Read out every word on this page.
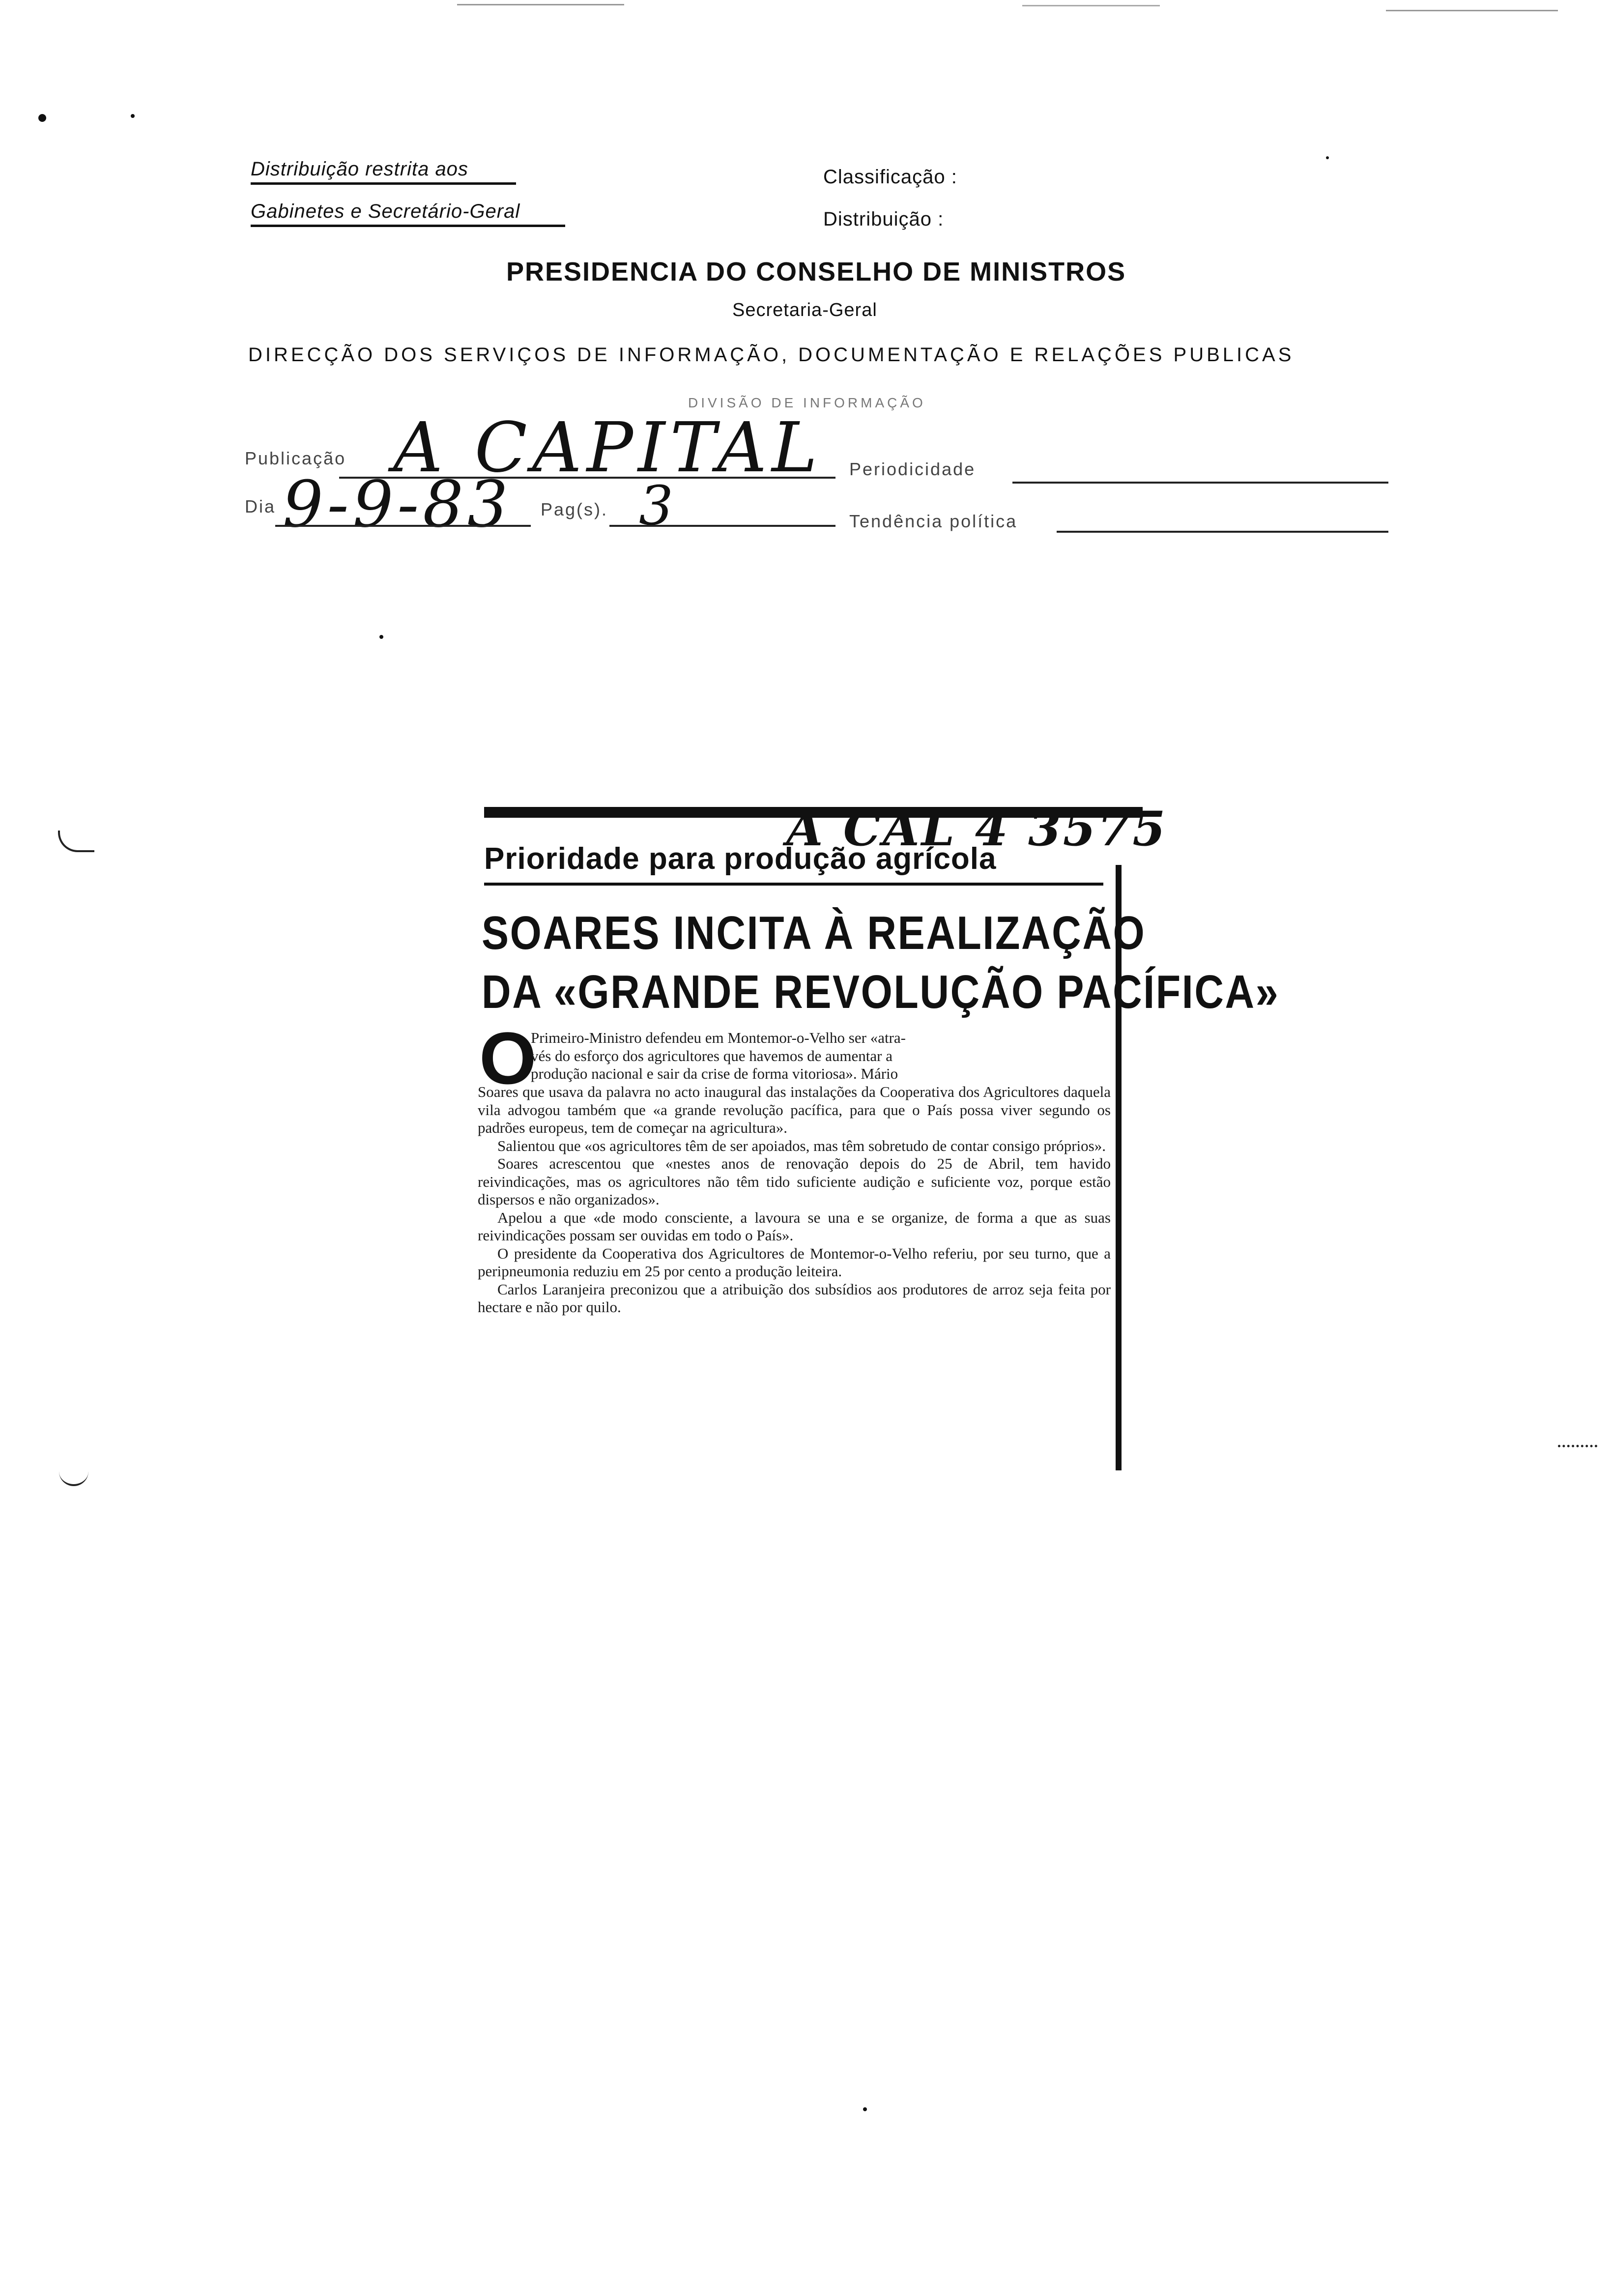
Distribuição restrita aos
Gabinetes e Secretário-Geral
Classificação :
Distribuição :
PRESIDENCIA DO CONSELHO DE MINISTROS
Secretaria-Geral
DIRECÇÃO DOS SERVIÇOS DE INFORMAÇÃO, DOCUMENTAÇÃO E RELAÇÕES PUBLICAS
DIVISÃO DE INFORMAÇÃO
Publicação A CAPITAL Periodicidade
Dia 9-9-83 Pag(s). 3	Tendência política
A CAL 4 3575
Prioridade para produção agrícola
SOARES INCITA À REALIZAÇÃO
DA «GRANDE REVOLUÇÃO PACÍFICA»
O
Primeiro-Ministro defendeu em Montemor-o-Velho ser «atra-
vés do esforço dos agricultores que havemos de aumentar a
produção nacional e sair da crise de forma vitoriosa». Mário
Soares que usava da palavra no acto inaugural das instalações da Cooperativa dos Agricultores daquela vila advogou também que «a grande revolução pacífica, para que o País possa viver segundo os padrões europeus, tem de começar na agricultura».
Salientou que «os agricultores têm de ser apoiados, mas têm sobretudo de contar consigo próprios».
Soares acrescentou que «nestes anos de renovação depois do 25 de Abril, tem havido reivindicações, mas os agricultores não têm tido suficiente audição e suficiente voz, porque estão dispersos e não organizados».
Apelou a que «de modo consciente, a lavoura se una e se organize, de forma a que as suas reivindicações possam ser ouvidas em todo o País».
O presidente da Cooperativa dos Agricultores de Montemor-o-Velho referiu, por seu turno, que a peripneumonia reduziu em 25 por cento a produção leiteira.
Carlos Laranjeira preconizou que a atribuição dos subsídios aos produtores de arroz seja feita por hectare e não por quilo.
